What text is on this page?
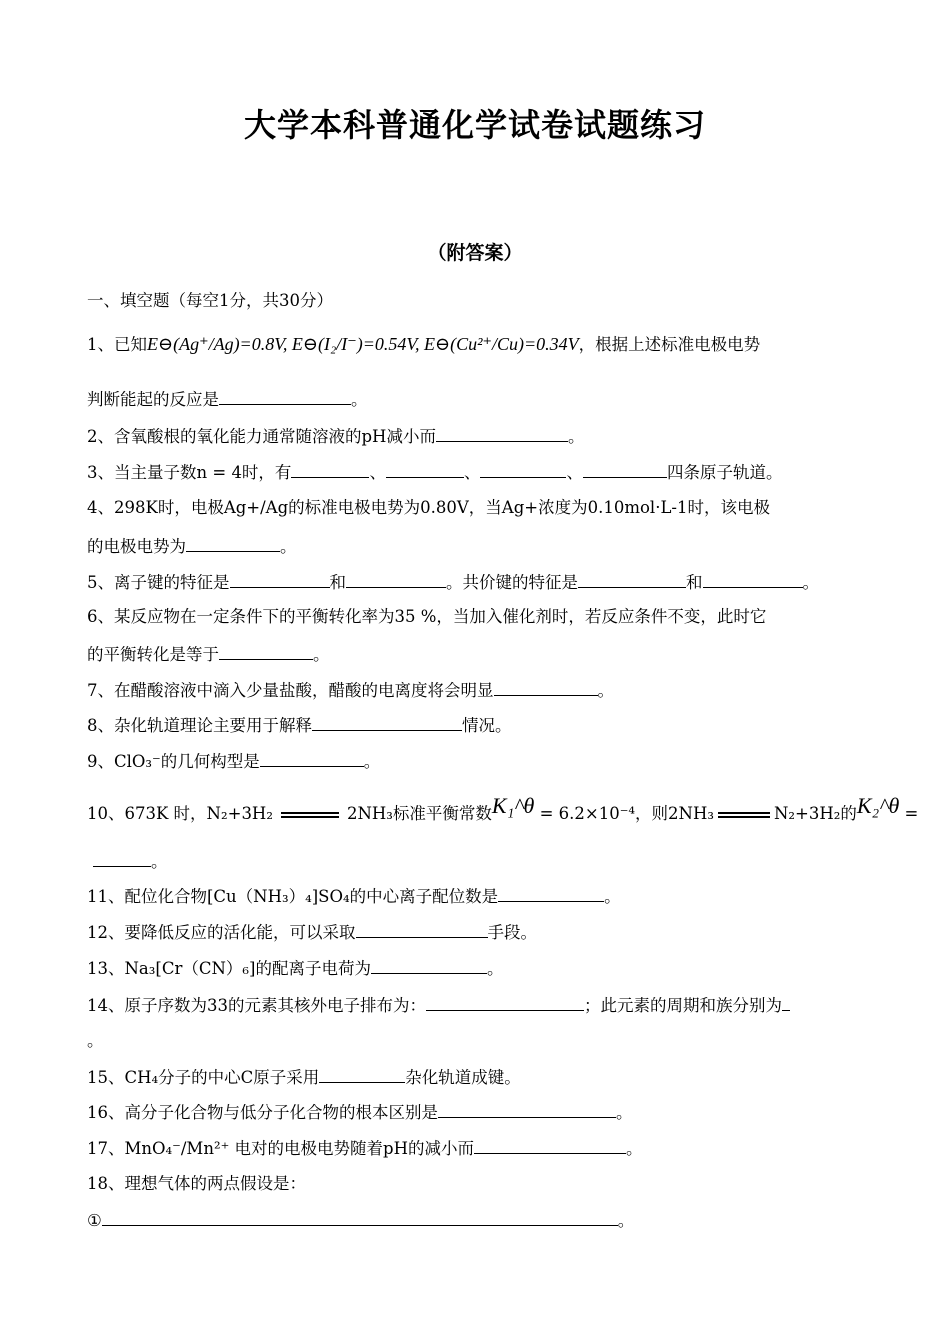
大学本科普通化学试卷试题练习
（附答案）
一、填空题（每空1分，共30分）
1、已知E⊖(Ag⁺/Ag)=0.8V, E⊖(I₂/I⁻)=0.54V, E⊖(Cu²⁺/Cu)=0.34V，根据上述标准电极电势
判断能起的反应是	。
2、含氧酸根的氧化能力通常随溶液的pH减小而	。
3、当主量子数n = 4时，有	、	、	、	四条原子轨道。
4、298K时，电极Ag+/Ag的标准电极电势为0.80V，当Ag+浓度为0.10mol·L-1时，该电极
的电极电势为	。
5、离子键的特征是	和	。共价键的特征是	和	。
6、某反应物在一定条件下的平衡转化率为35 %，当加入催化剂时，若反应条件不变，此时它
的平衡转化是等于	。
7、在醋酸溶液中滴入少量盐酸，醋酸的电离度将会明显	。
8、杂化轨道理论主要用于解释	情况。
9、ClO₃⁻的几何构型是	。
10、673K 时，N₂+3H₂	2NH₃标准平衡常数K₁^θ = 6.2×10⁻⁴，则2NH₃	N₂+3H₂的K₂^θ =
。
11、配位化合物[Cu（NH₃）₄]SO₄的中心离子配位数是	。
12、要降低反应的活化能，可以采取	手段。
13、Na₃[Cr（CN）₆]的配离子电荷为	。
14、原子序数为33的元素其核外电子排布为：	；此元素的周期和族分别为
。
15、CH₄分子的中心C原子采用	杂化轨道成键。
16、高分子化合物与低分子化合物的根本区别是	。
17、MnO₄⁻/Mn²⁺ 电对的电极电势随着pH的减小而	。
18、理想气体的两点假设是：
①	。
